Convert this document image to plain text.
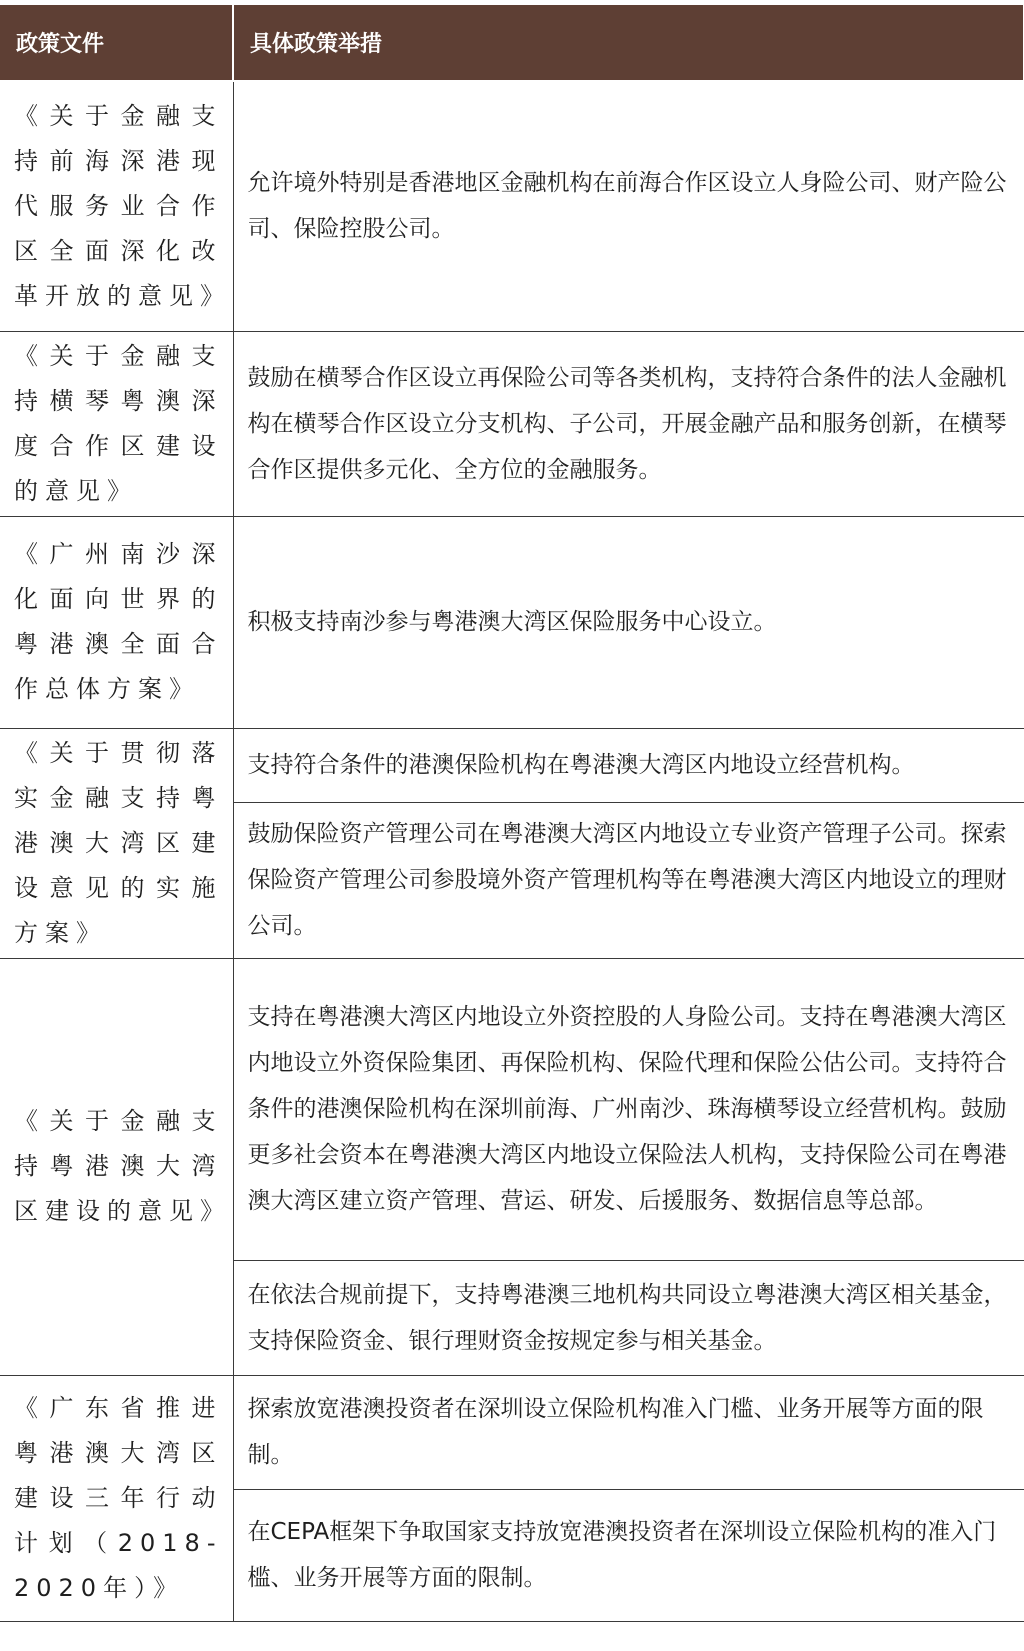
政策文件	具体政策举措
《关于金融支持前海深港现代服务业合作区全面深化改革开放的意见》	允许境外特别是香港地区金融机构在前海合作区设立人身险公司、财产险公司、保险控股公司。
《关于金融支持横琴粤澳深度合作区建设的意见》	鼓励在横琴合作区设立再保险公司等各类机构，支持符合条件的法人金融机构在横琴合作区设立分支机构、子公司，开展金融产品和服务创新，在横琴合作区提供多元化、全方位的金融服务。
《广州南沙深化面向世界的粤港澳全面合作总体方案》	积极支持南沙参与粤港澳大湾区保险服务中心设立。
《关于贯彻落实金融支持粤港澳大湾区建设意见的实施方案》	支持符合条件的港澳保险机构在粤港澳大湾区内地设立经营机构。
	鼓励保险资产管理公司在粤港澳大湾区内地设立专业资产管理子公司。探索保险资产管理公司参股境外资产管理机构等在粤港澳大湾区内地设立的理财公司。
《关于金融支持粤港澳大湾区建设的意见》	支持在粤港澳大湾区内地设立外资控股的人身险公司。支持在粤港澳大湾区内地设立外资保险集团、再保险机构、保险代理和保险公估公司。支持符合条件的港澳保险机构在深圳前海、广州南沙、珠海横琴设立经营机构。鼓励更多社会资本在粤港澳大湾区内地设立保险法人机构，支持保险公司在粤港澳大湾区建立资产管理、营运、研发、后援服务、数据信息等总部。
	在依法合规前提下，支持粤港澳三地机构共同设立粤港澳大湾区相关基金，支持保险资金、银行理财资金按规定参与相关基金。
《广东省推进粤港澳大湾区建设三年行动计划（2018-2020年）》	探索放宽港澳投资者在深圳设立保险机构准入门槛、业务开展等方面的限制。
	在CEPA框架下争取国家支持放宽港澳投资者在深圳设立保险机构的准入门槛、业务开展等方面的限制。
